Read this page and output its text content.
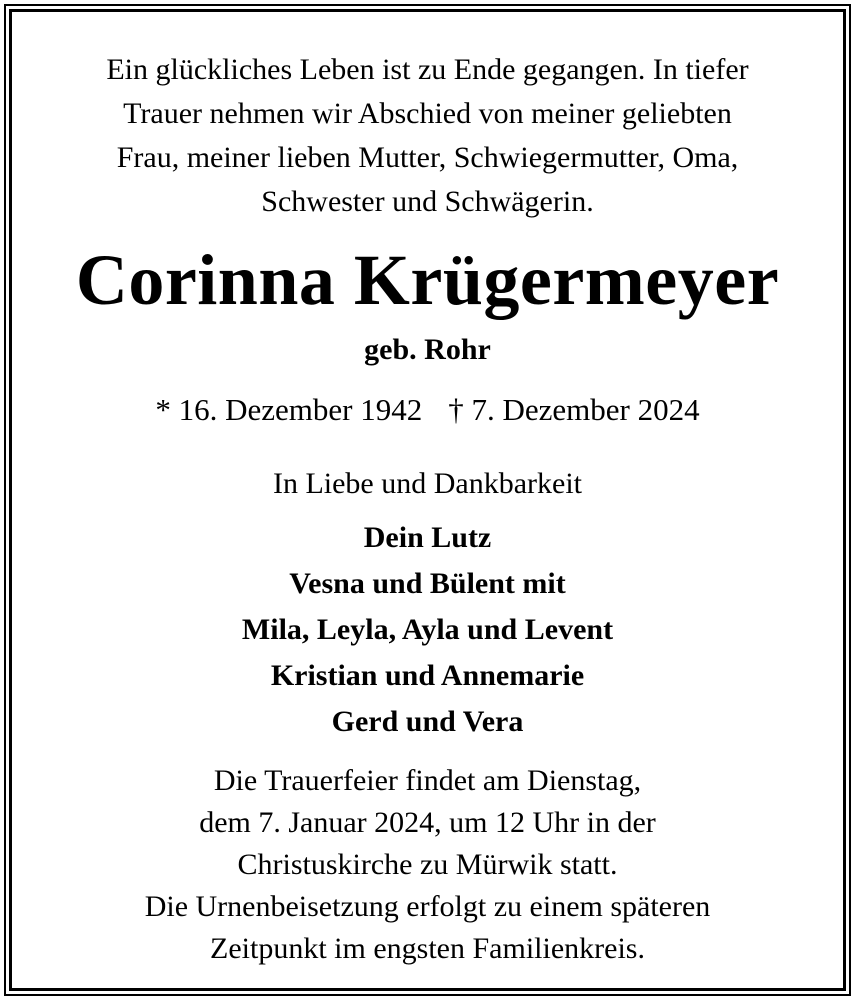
Ein glückliches Leben ist zu Ende gegangen. In tiefer
Trauer nehmen wir Abschied von meiner geliebten
Frau, meiner lieben Mutter, Schwiegermutter, Oma,
Schwester und Schwägerin.
Corinna Krügermeyer
geb. Rohr
* 16. Dezember 1942 † 7. Dezember 2024
In Liebe und Dankbarkeit
Dein Lutz
Vesna und Bülent mit
Mila, Leyla, Ayla und Levent
Kristian und Annemarie
Gerd und Vera
Die Trauerfeier findet am Dienstag,
dem 7. Januar 2024, um 12 Uhr in der
Christuskirche zu Mürwik statt.
Die Urnenbeisetzung erfolgt zu einem späteren
Zeitpunkt im engsten Familienkreis.
